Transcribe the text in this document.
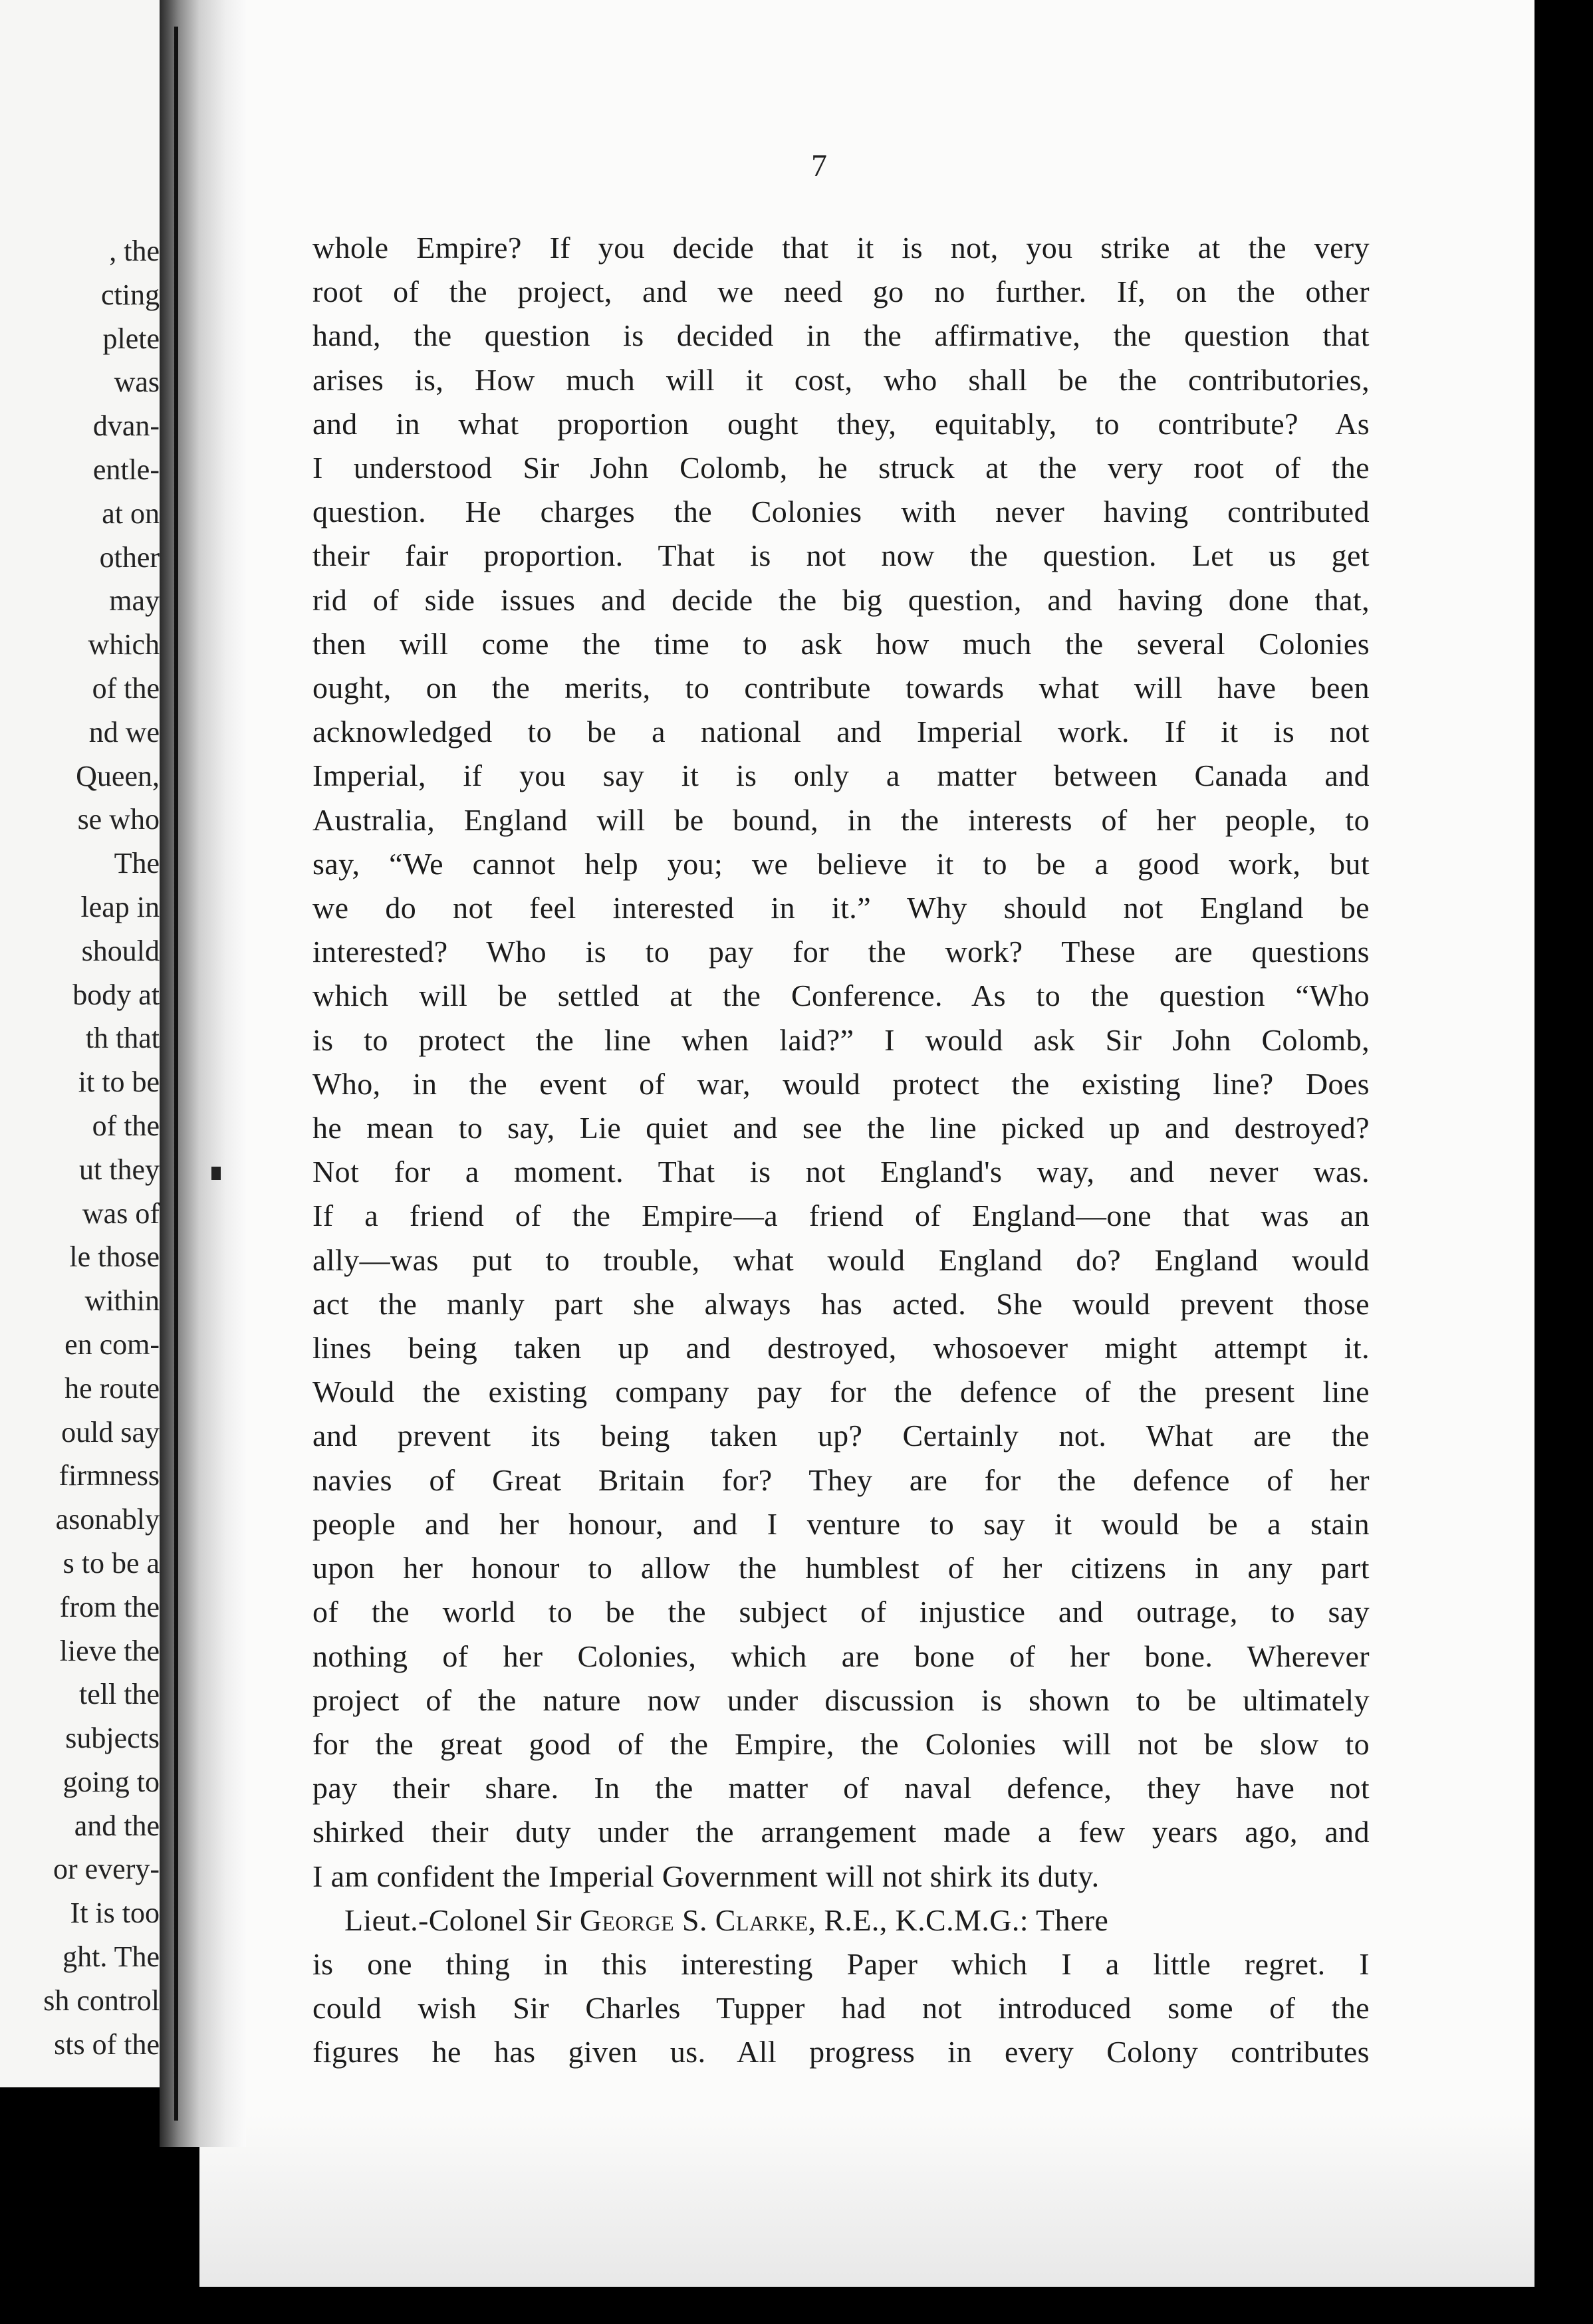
, the
cting
plete
was
dvan-
entle-
at on
other
may
which
of the
nd we
Queen,
se who
The
leap in
should
body at
th that
it to be
of the
ut they
was of
le those
within
en com-
he route
ould say
firmness
asonably
s to be a
from the
lieve the
tell the
subjects
going to
and the
or every-
It is too
ght. The
sh control
sts of the
7
whole Empire? If you decide that it is not, you strike at the very
root of the project, and we need go no further. If, on the other
hand, the question is decided in the affirmative, the question that
arises is, How much will it cost, who shall be the contributories,
and in what proportion ought they, equitably, to contribute? As
I understood Sir John Colomb, he struck at the very root of the
question. He charges the Colonies with never having contributed
their fair proportion. That is not now the question. Let us get
rid of side issues and decide the big question, and having done that,
then will come the time to ask how much the several Colonies
ought, on the merits, to contribute towards what will have been
acknowledged to be a national and Imperial work. If it is not
Imperial, if you say it is only a matter between Canada and
Australia, England will be bound, in the interests of her people, to
say, “We cannot help you; we believe it to be a good work, but
we do not feel interested in it.” Why should not England be
interested? Who is to pay for the work? These are questions
which will be settled at the Conference. As to the question “Who
is to protect the line when laid?” I would ask Sir John Colomb,
Who, in the event of war, would protect the existing line? Does
he mean to say, Lie quiet and see the line picked up and destroyed?
Not for a moment. That is not England's way, and never was.
If a friend of the Empire—a friend of England—one that was an
ally—was put to trouble, what would England do? England would
act the manly part she always has acted. She would prevent those
lines being taken up and destroyed, whosoever might attempt it.
Would the existing company pay for the defence of the present line
and prevent its being taken up? Certainly not. What are the
navies of Great Britain for? They are for the defence of her
people and her honour, and I venture to say it would be a stain
upon her honour to allow the humblest of her citizens in any part
of the world to be the subject of injustice and outrage, to say
nothing of her Colonies, which are bone of her bone. Wherever
project of the nature now under discussion is shown to be ultimately
for the great good of the Empire, the Colonies will not be slow to
pay their share. In the matter of naval defence, they have not
shirked their duty under the arrangement made a few years ago, and
I am confident the Imperial Government will not shirk its duty.
Lieut.-Colonel Sir George S. Clarke, R.E., K.C.M.G.: There
is one thing in this interesting Paper which I a little regret. I
could wish Sir Charles Tupper had not introduced some of the
figures he has given us. All progress in every Colony contributes
